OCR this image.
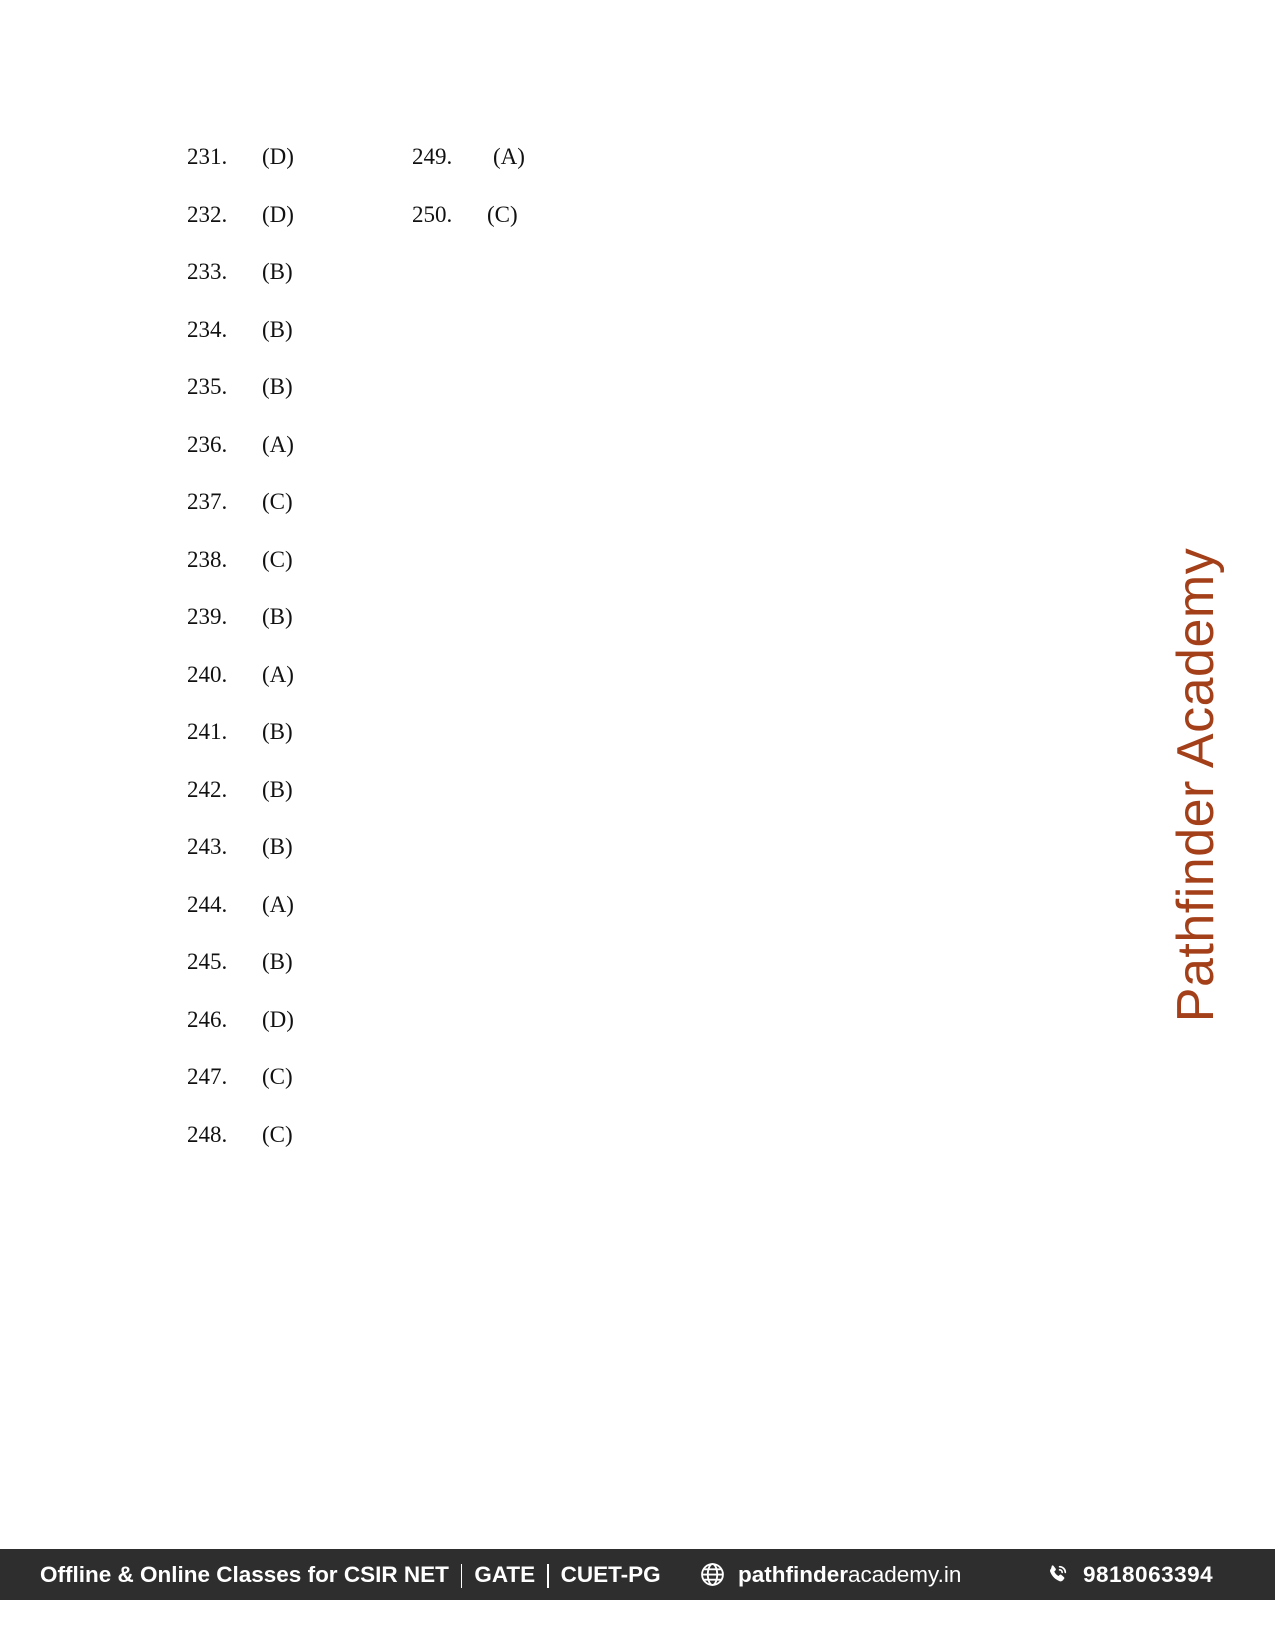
231.	(D)
232.	(D)
233.	(B)
234.	(B)
235.	(B)
236.	(A)
237.	(C)
238.	(C)
239.	(B)
240.	(A)
241.	(B)
242.	(B)
243.	(B)
244.	(A)
245.	(B)
246.	(D)
247.	(C)
248.	(C)
249.	(A)
250.	(C)
Pathfinder Academy
Offline & Online Classes for CSIR NET GATE CUET-PG	pathfinderacademy.in	9818063394
